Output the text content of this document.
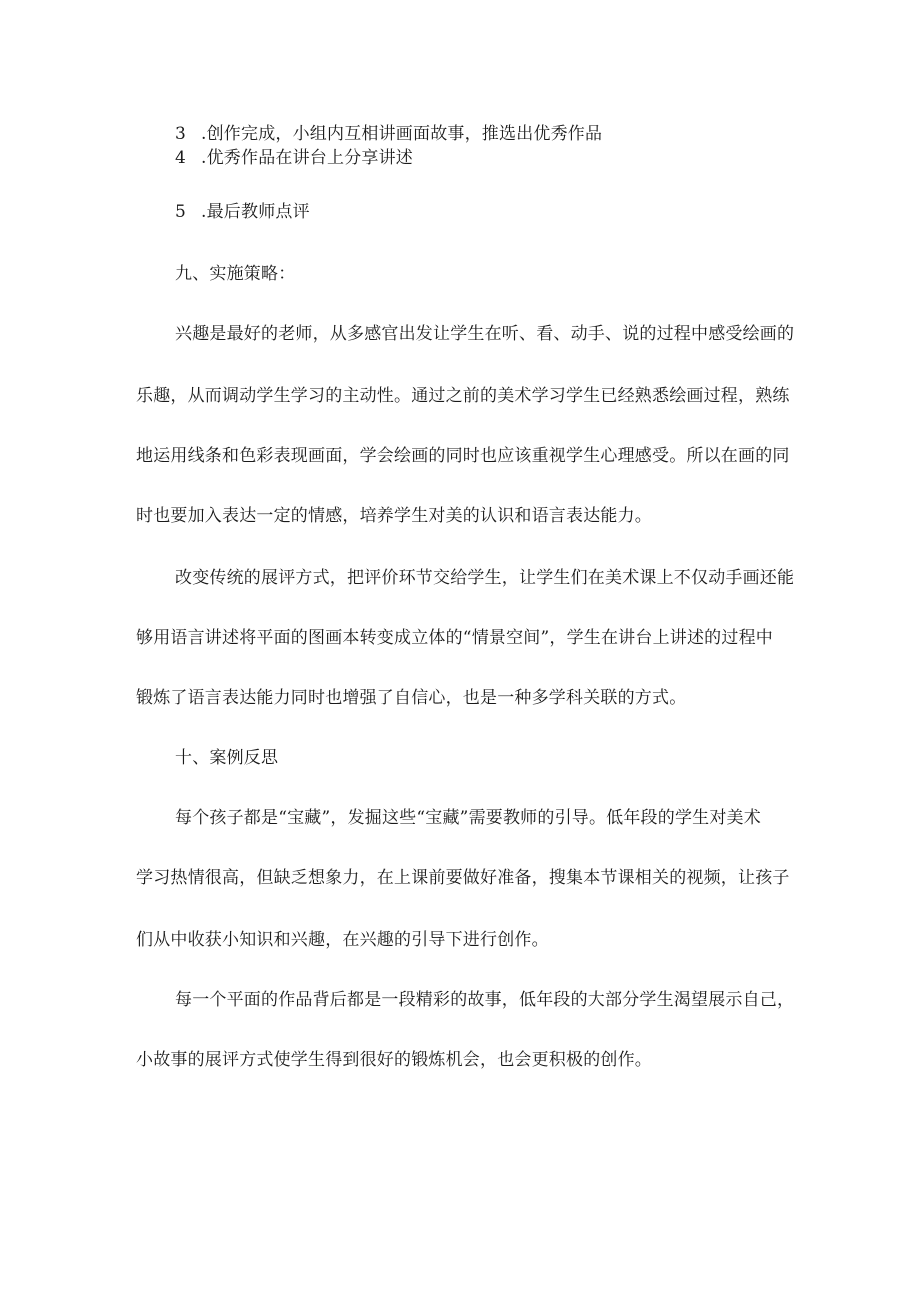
3 .创作完成，小组内互相讲画面故事，推选出优秀作品
4 .优秀作品在讲台上分享讲述
5 .最后教师点评
九、实施策略：
兴趣是最好的老师，从多感官出发让学生在听、看、动手、说的过程中感受绘画的
乐趣，从而调动学生学习的主动性。通过之前的美术学习学生已经熟悉绘画过程，熟练
地运用线条和色彩表现画面，学会绘画的同时也应该重视学生心理感受。所以在画的同
时也要加入表达一定的情感，培养学生对美的认识和语言表达能力。
改变传统的展评方式，把评价环节交给学生，让学生们在美术课上不仅动手画还能
够用语言讲述将平面的图画本转变成立体的“情景空间”，学生在讲台上讲述的过程中
锻炼了语言表达能力同时也增强了自信心，也是一种多学科关联的方式。
十、案例反思
每个孩子都是“宝藏”，发掘这些“宝藏”需要教师的引导。低年段的学生对美术
学习热情很高，但缺乏想象力，在上课前要做好准备，搜集本节课相关的视频，让孩子
们从中收获小知识和兴趣，在兴趣的引导下进行创作。
每一个平面的作品背后都是一段精彩的故事，低年段的大部分学生渴望展示自己，
小故事的展评方式使学生得到很好的锻炼机会，也会更积极的创作。
